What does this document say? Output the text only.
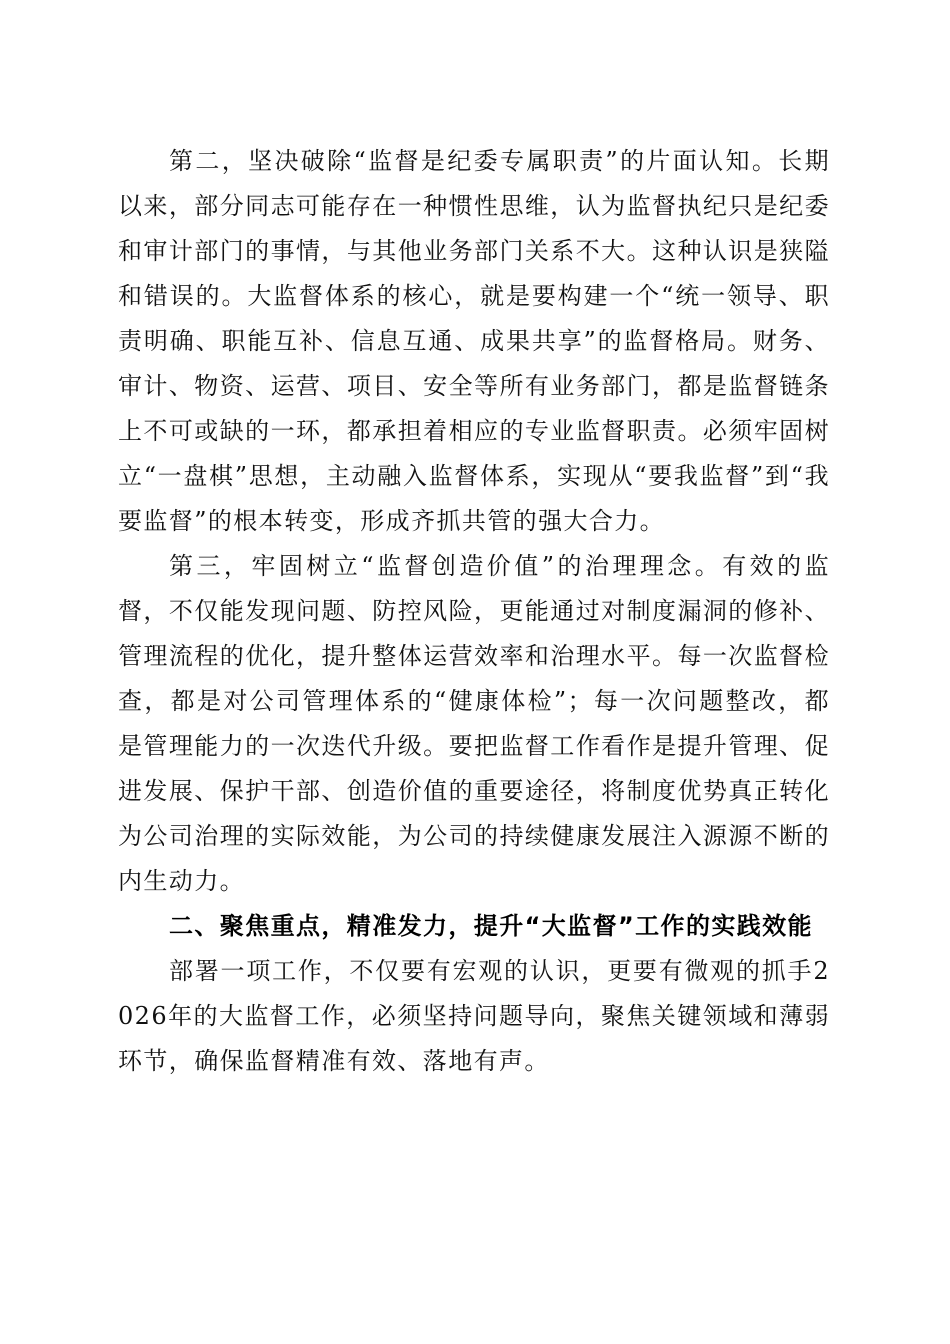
第二，坚决破除“监督是纪委专属职责”的片面认知。长期以来，部分同志可能存在一种惯性思维，认为监督执纪只是纪委和审计部门的事情，与其他业务部门关系不大。这种认识是狭隘和错误的。大监督体系的核心，就是要构建一个“统一领导、职责明确、职能互补、信息互通、成果共享”的监督格局。财务、审计、物资、运营、项目、安全等所有业务部门，都是监督链条上不可或缺的一环，都承担着相应的专业监督职责。必须牢固树立“一盘棋”思想，主动融入监督体系，实现从“要我监督”到“我要监督”的根本转变，形成齐抓共管的强大合力。

第三，牢固树立“监督创造价值”的治理理念。有效的监督，不仅能发现问题、防控风险，更能通过对制度漏洞的修补、管理流程的优化，提升整体运营效率和治理水平。每一次监督检查，都是对公司管理体系的“健康体检”；每一次问题整改，都是管理能力的一次迭代升级。要把监督工作看作是提升管理、促进发展、保护干部、创造价值的重要途径，将制度优势真正转化为公司治理的实际效能，为公司的持续健康发展注入源源不断的内生动力。

二、聚焦重点，精准发力，提升“大监督”工作的实践效能

部署一项工作，不仅要有宏观的认识，更要有微观的抓手2026年的大监督工作，必须坚持问题导向，聚焦关键领域和薄弱环节，确保监督精准有效、落地有声。
